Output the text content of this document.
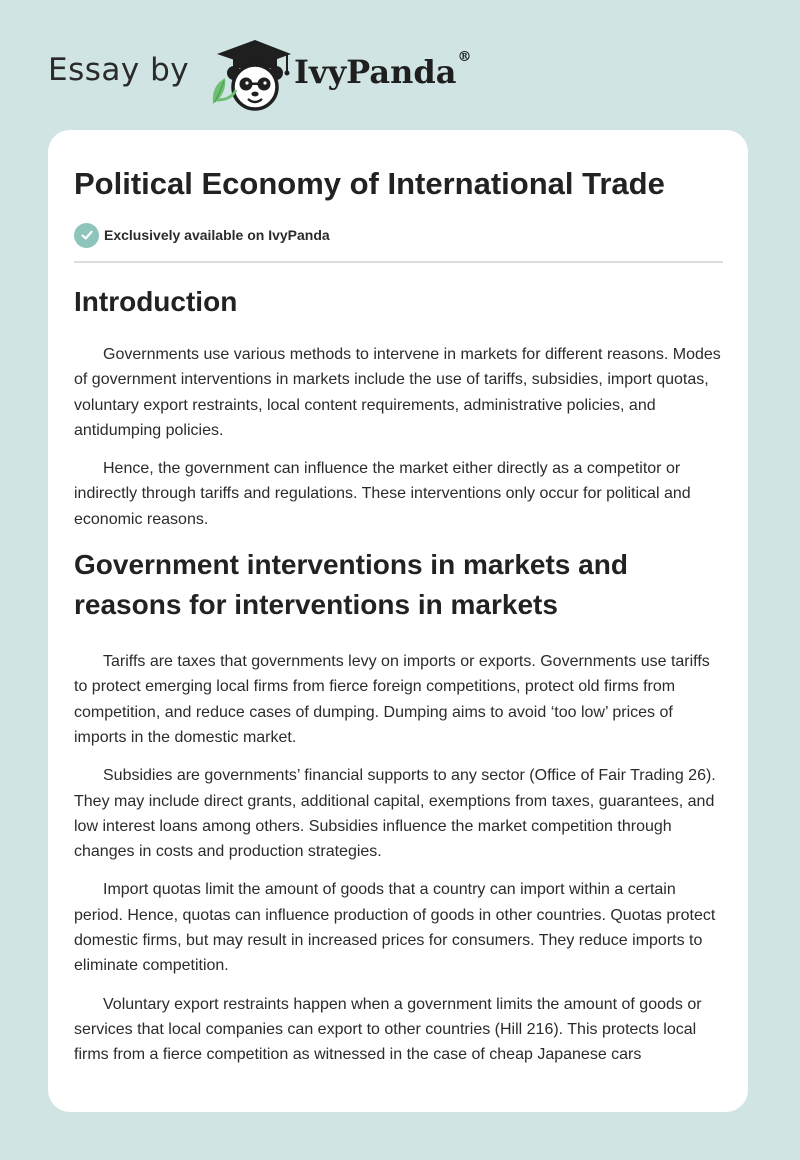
Essay by	IvyPanda®
Political Economy of International Trade
Exclusively available on IvyPanda
Introduction

Governments use various methods to intervene in markets for different reasons. Modes of government interventions in markets include the use of tariffs, subsidies, import quotas, voluntary export restraints, local content requirements, administrative policies, and antidumping policies.

Hence, the government can influence the market either directly as a competitor or indirectly through tariffs and regulations. These interventions only occur for political and economic reasons.

Government interventions in markets and reasons for interventions in markets

Tariffs are taxes that governments levy on imports or exports. Governments use tariffs to protect emerging local firms from fierce foreign competitions, protect old firms from competition, and reduce cases of dumping. Dumping aims to avoid ‘too low’ prices of imports in the domestic market.

Subsidies are governments’ financial supports to any sector (Office of Fair Trading 26). They may include direct grants, additional capital, exemptions from taxes, guarantees, and low interest loans among others. Subsidies influence the market competition through changes in costs and production strategies.

Import quotas limit the amount of goods that a country can import within a certain period. Hence, quotas can influence production of goods in other countries. Quotas protect domestic firms, but may result in increased prices for consumers. They reduce imports to eliminate competition.

Voluntary export restraints happen when a government limits the amount of goods or services that local companies can export to other countries (Hill 216). This protects local firms from a fierce competition as witnessed in the case of cheap Japanese cars
